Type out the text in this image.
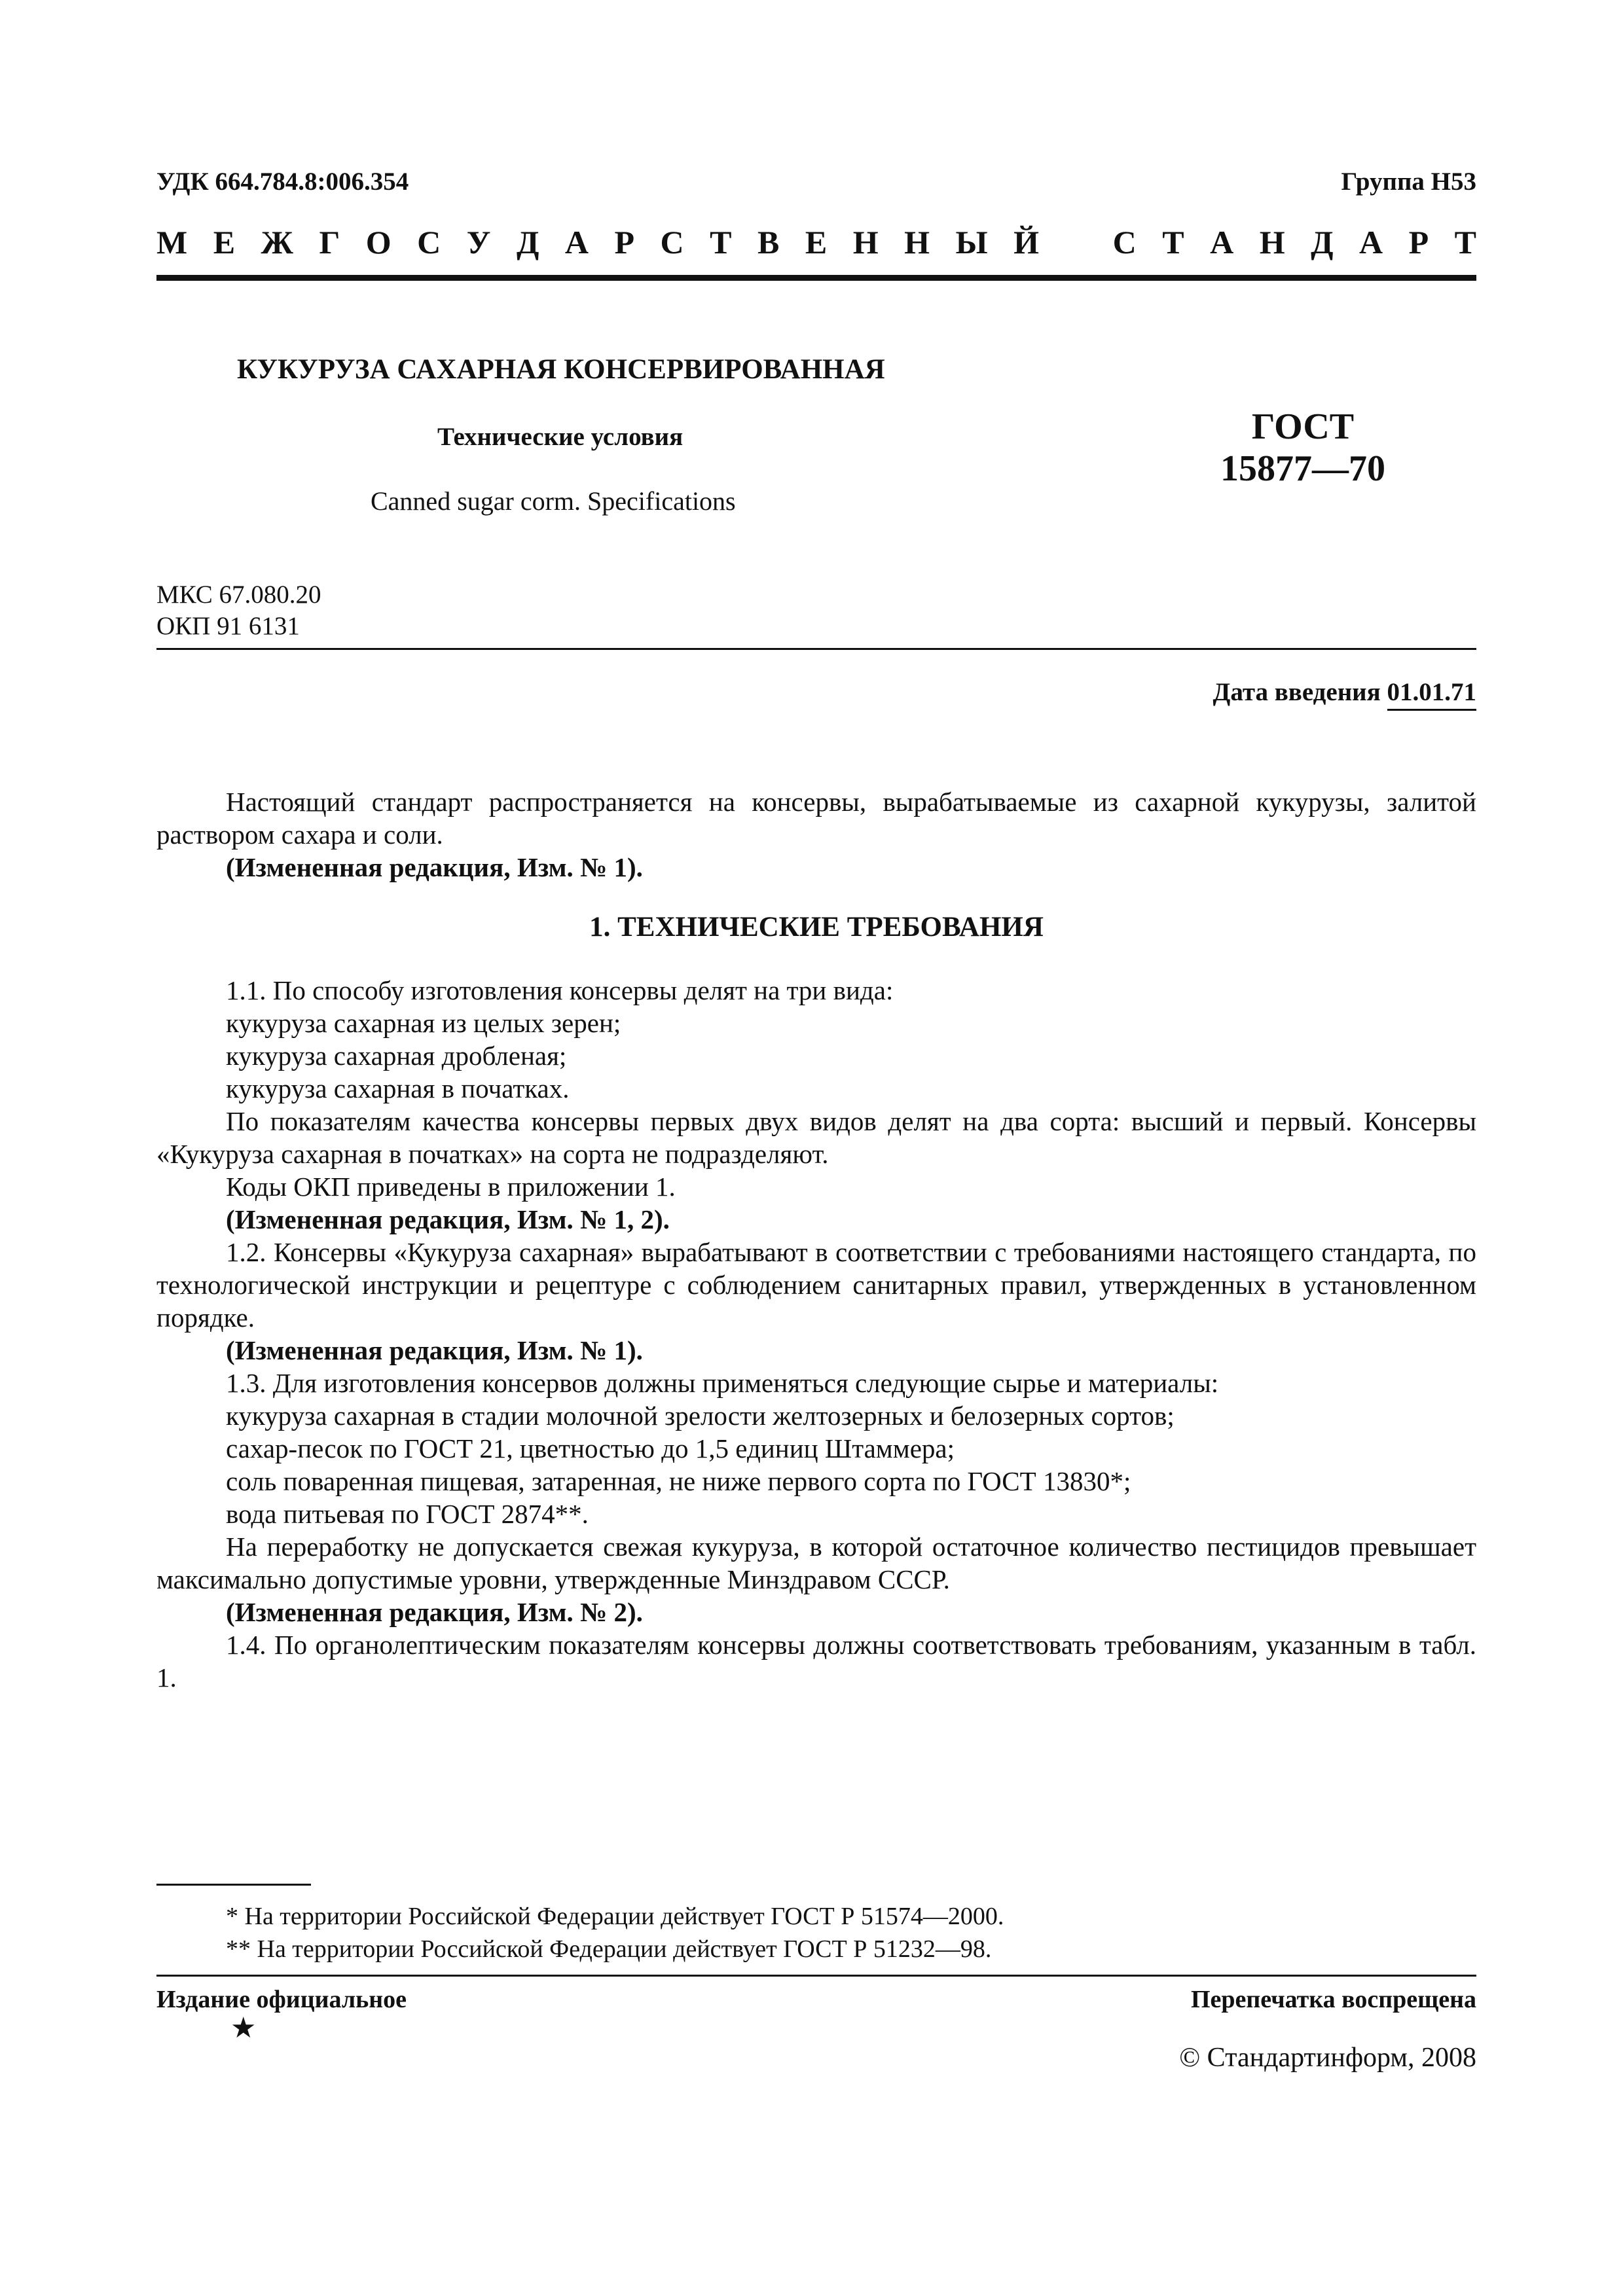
УДК 664.784.8:006.354	Группа Н53
М Е Ж Г О С У Д А Р С Т В Е Н Н Ы Й С Т А Н Д А Р Т
КУКУРУЗА САХАРНАЯ КОНСЕРВИРОВАННАЯ
Технические условия
Canned sugar corm. Specifications
ГОСТ
15877—70
МКС 67.080.20
ОКП 91 6131
Дата введения 01.01.71

Настоящий стандарт распространяется на консервы, вырабатываемые из сахарной кукурузы, залитой раствором сахара и соли.

(Измененная редакция, Изм. № 1).

1. ТЕХНИЧЕСКИЕ ТРЕБОВАНИЯ

1.1. По способу изготовления консервы делят на три вида:

кукуруза сахарная из целых зерен;

кукуруза сахарная дробленая;

кукуруза сахарная в початках.

По показателям качества консервы первых двух видов делят на два сорта: высший и первый. Консервы «Кукуруза сахарная в початках» на сорта не подразделяют.

Коды ОКП приведены в приложении 1.

(Измененная редакция, Изм. № 1, 2).

1.2. Консервы «Кукуруза сахарная» вырабатывают в соответствии с требованиями настоящего стандарта, по технологической инструкции и рецептуре с соблюдением санитарных правил, утвержденных в установленном порядке.

(Измененная редакция, Изм. № 1).

1.3. Для изготовления консервов должны применяться следующие сырье и материалы:

кукуруза сахарная в стадии молочной зрелости желтозерных и белозерных сортов;

сахар-песок по ГОСТ 21, цветностью до 1,5 единиц Штаммера;

соль поваренная пищевая, затаренная, не ниже первого сорта по ГОСТ 13830*;

вода питьевая по ГОСТ 2874**.

На переработку не допускается свежая кукуруза, в которой остаточное количество пестицидов превышает максимально допустимые уровни, утвержденные Минздравом СССР.

(Измененная редакция, Изм. № 2).

1.4. По органолептическим показателям консервы должны соответствовать требованиям, указанным в табл. 1.

* На территории Российской Федерации действует ГОСТ Р 51574—2000.
** На территории Российской Федерации действует ГОСТ Р 51232—98.
Издание официальное
★
Перепечатка воспрещена
© Стандартинформ, 2008
